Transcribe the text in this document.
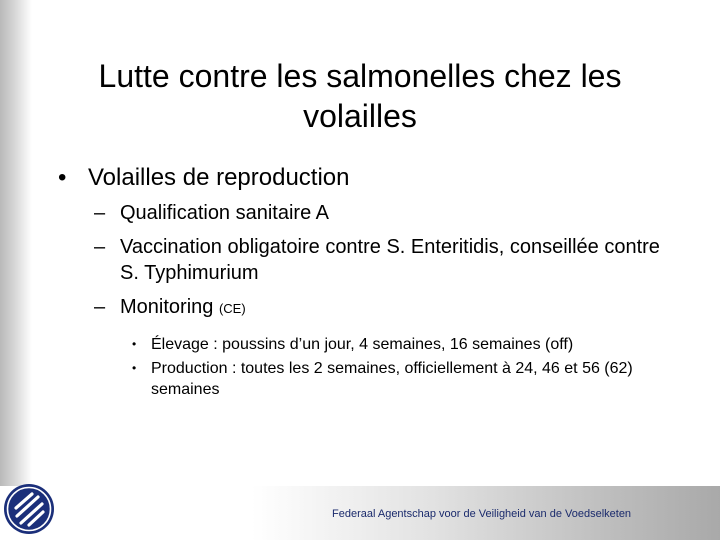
Lutte contre les salmonelles chez les volailles

• Volailles de reproduction

– Qualification sanitaire A

– Vaccination obligatoire contre S. Enteritidis, conseillée contre S. Typhimurium

– Monitoring (CE)

• Élevage : poussins d’un jour, 4 semaines, 16 semaines (off)

• Production : toutes les 2 semaines, officiellement à 24, 46 et 56 (62) semaines

Federaal Agentschap voor de Veiligheid van de Voedselketen
